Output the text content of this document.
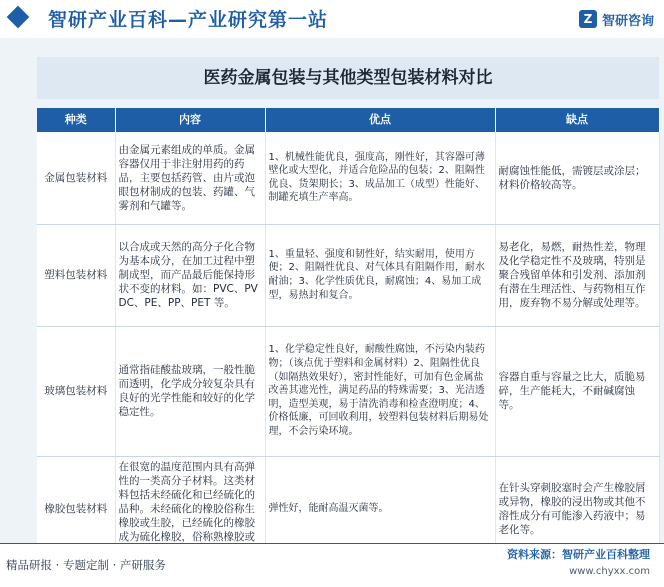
智研产业百科—产业研究第一站	Z 智研咨询
医药金属包装与其他类型包装材料对比
种类	内容	优点	缺点
金属包装材料	由金属元素组成的单质。金属容器仅用于非注射用药的药品，主要包括药管、由片或泡眼包材制成的包装、药罐、气雾剂和气罐等。	1、机械性能优良，强度高，刚性好，其容器可薄壁化或大型化，并适合危险品的包装；2、阻隔性优良、货架期长；3、成品加工（成型）性能好、制罐充填生产率高。	耐腐蚀性能低，需镀层或涂层；材料价格较高等。
塑料包装材料	以合成或天然的高分子化合物为基本成分，在加工过程中塑制成型，而产品最后能保持形状不变的材料。如：PVC、PVDC、PE、PP、PET 等。	1、重量轻、强度和韧性好，结实耐用，使用方便；2、阻隔性优良、对气体具有阻隔作用，耐水耐油；3、化学性质优良，耐腐蚀；4、易加工成型，易热封和复合。	易老化，易燃，耐热性差，物理及化学稳定性不及玻璃，特别是聚合残留单体和引发剂、添加剂有潜在生理活性、与药物相互作用，废弃物不易分解或处理等。
玻璃包装材料	通常指硅酸盐玻璃，一般性脆而透明，化学成分较复杂具有良好的光学性能和较好的化学稳定性。	1、化学稳定性良好，耐酸性腐蚀，不污染内装药物；（该点优于塑料和金属材料）2、阻隔性优良（如隔热效果好），密封性能好，可加有色金属盐改善其遮光性，满足药品的特殊需要；3、光洁透明，造型美观，易于清洗消毒和检查澄明度；4、价格低廉，可回收利用，较塑料包装材料后期易处理，不会污染环境。	容器自重与容量之比大，质脆易碎，生产能耗大，不耐碱腐蚀等。
橡胶包装材料	在很宽的温度范围内具有高弹性的一类高分子材料。这类材料包括未经硫化和已经硫化的品种。未经硫化的橡胶俗称生橡胶或生胶，已经硫化的橡胶成为硫化橡胶，俗称熟橡胶或	弹性好，能耐高温灭菌等。	在针头穿刺胶塞时会产生橡胶屑或异物，橡胶的浸出物或其他不溶性成分有可能渗入药液中；易老化等。
精品研报 · 专题定制 · 产研服务
资料来源：智研产业百科整理
www.chyxx.com
